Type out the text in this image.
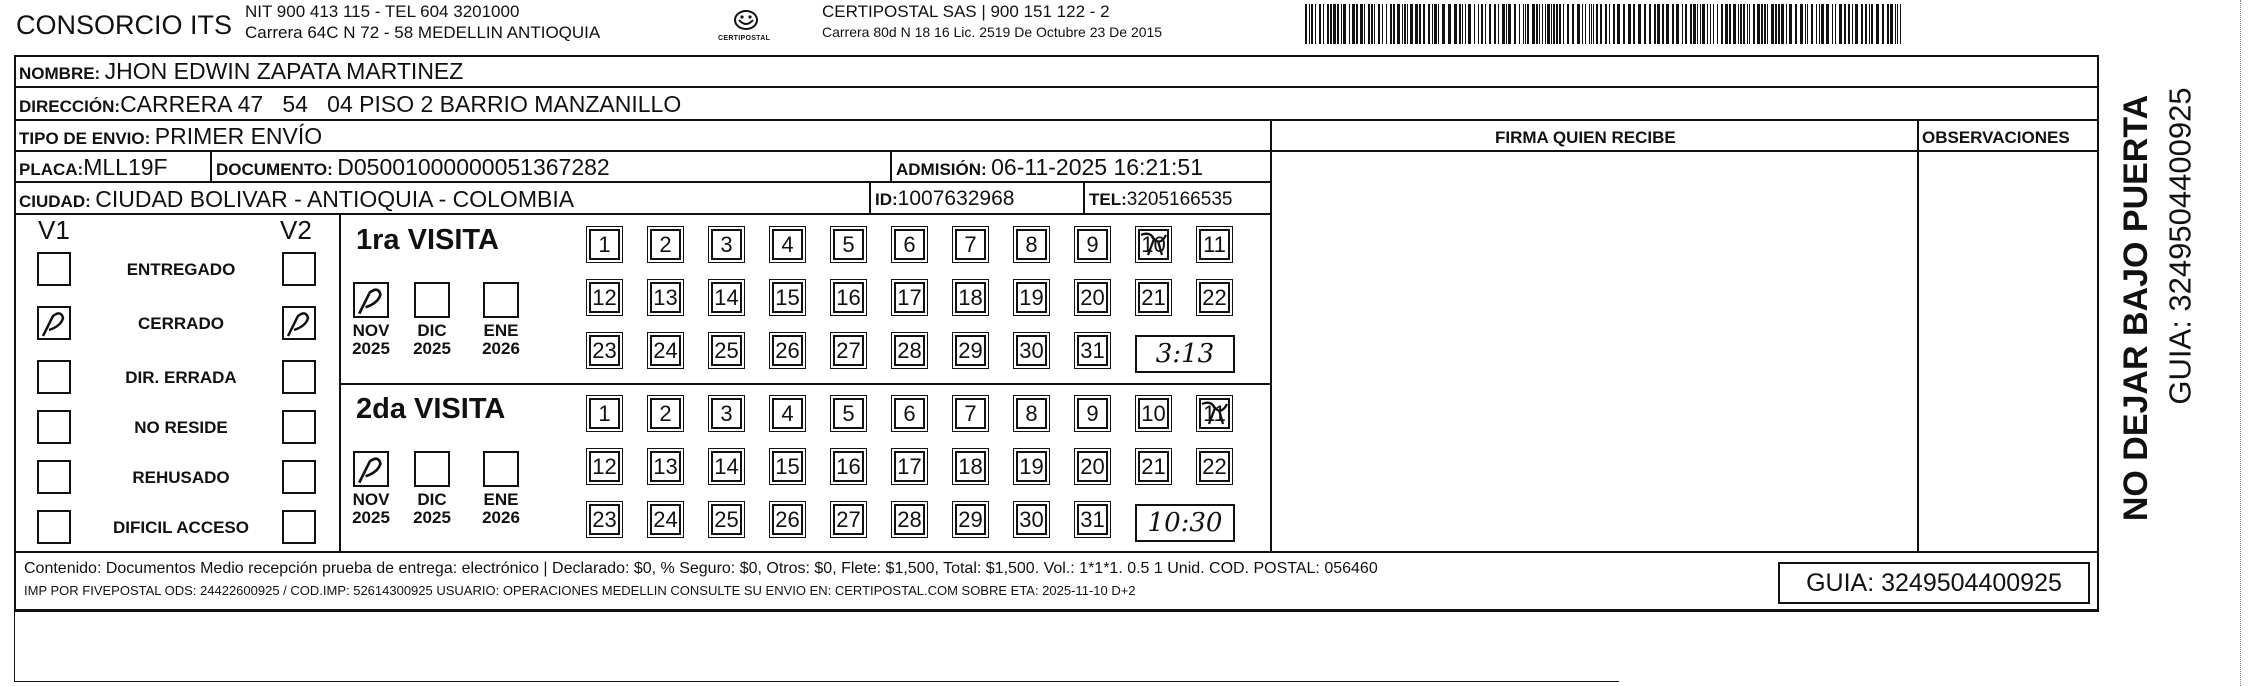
CONSORCIO ITS NIT 900 413 115 - TEL 604 3201000
Carrera 64C N 72 - 58 MEDELLIN ANTIOQUIA	CERTIPOSTAL
CERTIPOSTAL SAS | 900 151 122 - 2
Carrera 80d N 18 16 Lic. 2519 De Octubre 23 De 2015
NOMBRE: JHON EDWIN ZAPATA MARTINEZ
DIRECCIÓN:CARRERA 47   54   04 PISO 2 BARRIO MANZANILLO
TIPO DE ENVIO: PRIMER ENVÍO	FIRMA QUIEN RECIBE	OBSERVACIONES
PLACA:MLL19F	DOCUMENTO: D05001000000051367282	ADMISIÓN: 06-11-2025 16:21:51
CIUDAD: CIUDAD BOLIVAR - ANTIOQUIA - COLOMBIA	ID:1007632968	TEL:3205166535
V1	V2
ENTREGADO
CERRADO
DIR. ERRADA
NO RESIDE
REHUSADO
DIFICIL ACCESO
1ra VISITA
2da VISITA
NOV
2025
DIC
2025
ENE
2026
1	2	3	4	5	6	7	8	9	10 11
12 13 14 15 16 17 18 19 20 21 22
23 24 25 26 27 28 29 30 31	3:13
NOV
2025
DIC
2025
ENE
2026
1	2	3	4	5	6	7	8	9	10 11
12 13 14 15 16 17 18 19 20 21 22
23 24 25 26 27 28 29 30 31	10:30
Contenido: Documentos Medio recepción prueba de entrega: electrónico | Declarado: $0, % Seguro: $0, Otros: $0, Flete: $1,500, Total: $1,500. Vol.: 1*1*1. 0.5 1 Unid. COD. POSTAL: 056460
IMP POR FIVEPOSTAL ODS: 24422600925 / COD.IMP: 52614300925 USUARIO: OPERACIONES MEDELLIN CONSULTE SU ENVIO EN: CERTIPOSTAL.COM SOBRE ETA: 2025-11-10 D+2	GUIA: 3249504400925
NO DEJAR BAJO PUERTA GUIA: 3249504400925
